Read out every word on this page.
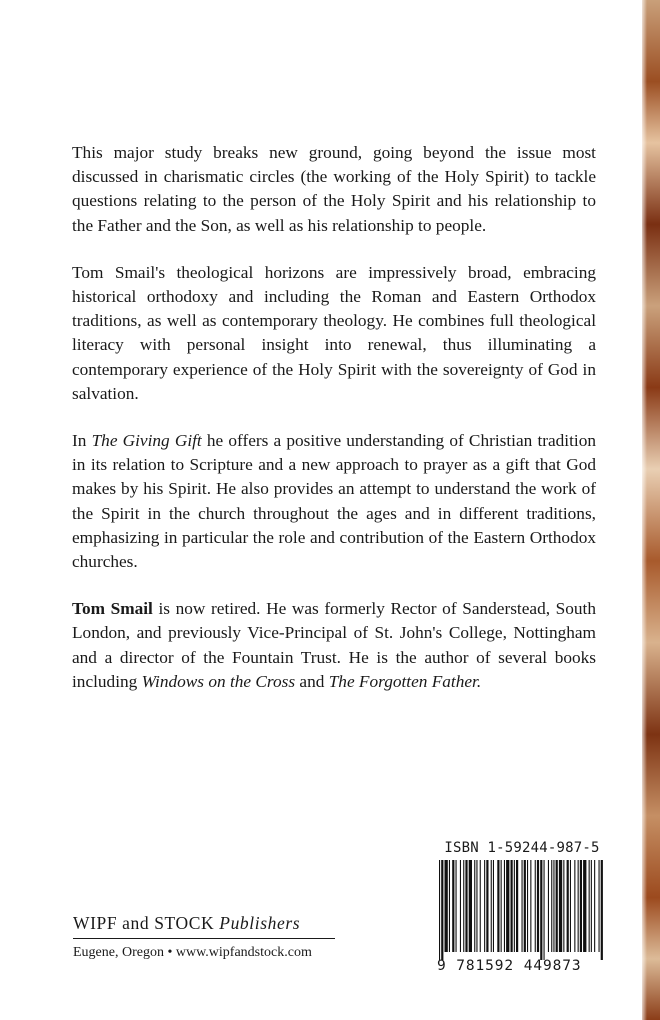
This major study breaks new ground, going beyond the issue most discussed in charismatic circles (the working of the Holy Spirit) to tackle questions relating to the person of the Holy Spirit and his relationship to the Father and the Son, as well as his relationship to people.

Tom Smail's theological horizons are impressively broad, embracing historical orthodoxy and including the Roman and Eastern Orthodox traditions, as well as contemporary theology. He combines full theological literacy with personal insight into renewal, thus illuminating a contemporary experience of the Holy Spirit with the sovereignty of God in salvation.

In The Giving Gift he offers a positive understanding of Christian tradition in its relation to Scripture and a new approach to prayer as a gift that God makes by his Spirit. He also provides an attempt to understand the work of the Spirit in the church throughout the ages and in different traditions, emphasizing in particular the role and contribution of the Eastern Orthodox churches.

Tom Smail is now retired. He was formerly Rector of Sanderstead, South London, and previously Vice-Principal of St. John's College, Nottingham and a director of the Fountain Trust. He is the author of several books including Windows on the Cross and The Forgotten Father.

WIPF and STOCK Publishers
Eugene, Oregon • www.wipfandstock.com
ISBN 1-59244-987-5
9 781592 449873
